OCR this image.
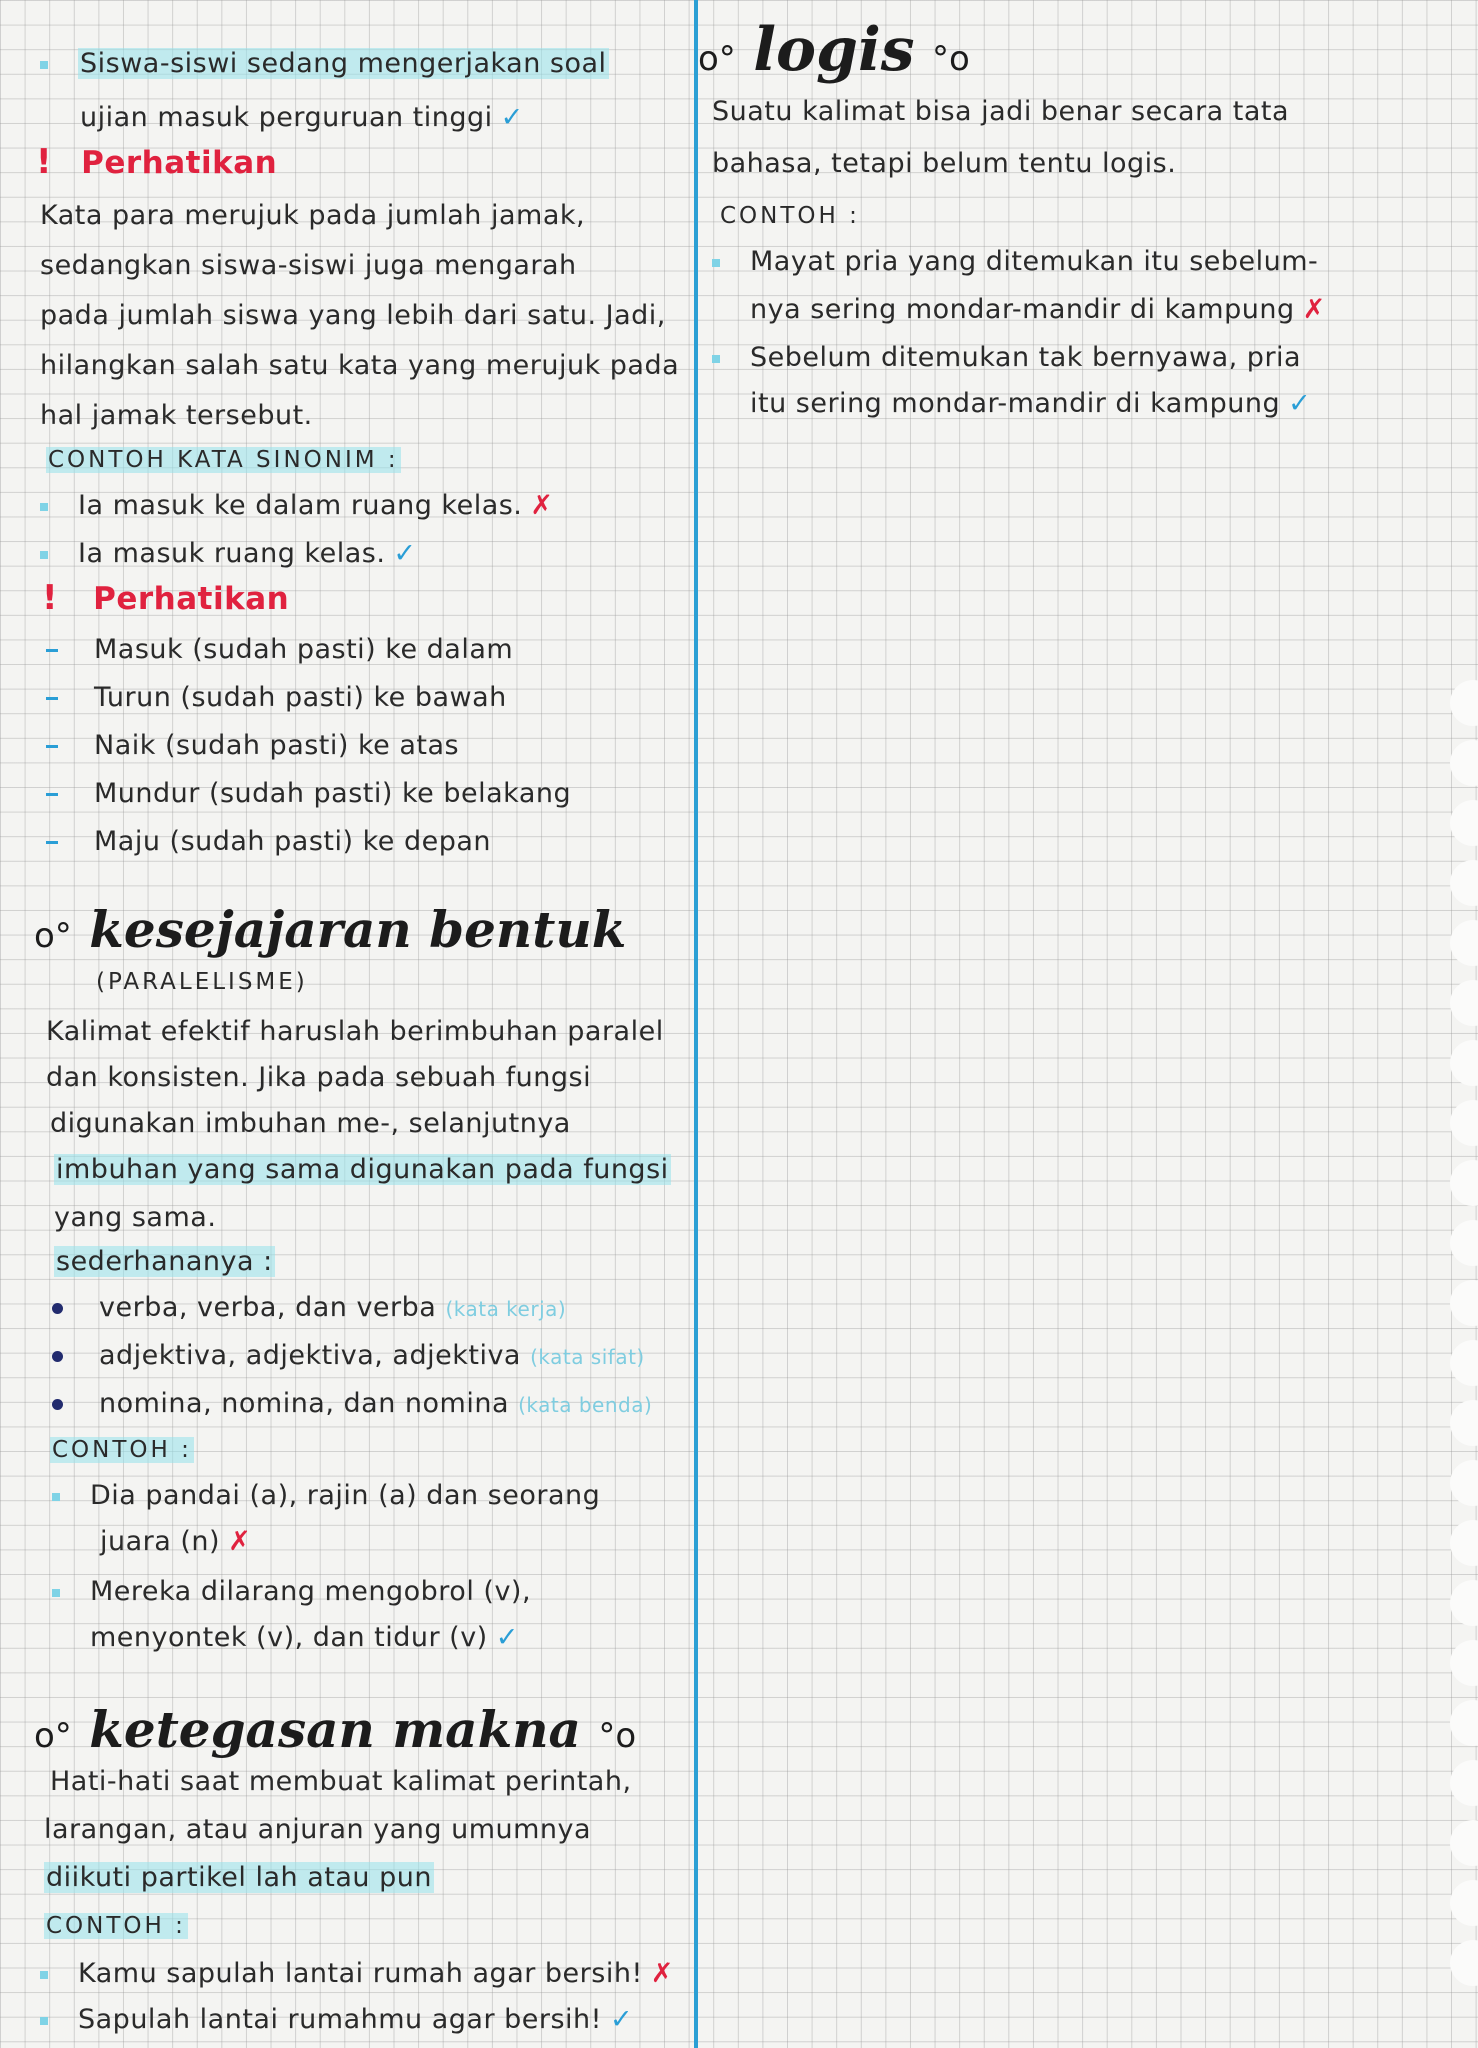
Siswa-siswi sedang mengerjakan soal
ujian masuk perguruan tinggi ✓
! Perhatikan
Kata para merujuk pada jumlah jamak,
sedangkan siswa-siswi juga mengarah
pada jumlah siswa yang lebih dari satu. Jadi,
hilangkan salah satu kata yang merujuk pada
hal jamak tersebut.
CONTOH KATA SINONIM :
Ia masuk ke dalam ruang kelas. ✗
Ia masuk ruang kelas. ✓
! Perhatikan
Masuk (sudah pasti) ke dalam
Turun (sudah pasti) ke bawah
Naik (sudah pasti) ke atas
Mundur (sudah pasti) ke belakang
Maju (sudah pasti) ke depan
o° kesejajaran bentuk
(PARALELISME)
Kalimat efektif haruslah berimbuhan paralel
dan konsisten. Jika pada sebuah fungsi
digunakan imbuhan me-, selanjutnya
imbuhan yang sama digunakan pada fungsi
yang sama.
sederhananya :
verba, verba, dan verba (kata kerja)
adjektiva, adjektiva, adjektiva (kata sifat)
nomina, nomina, dan nomina (kata benda)
CONTOH :
Dia pandai (a), rajin (a) dan seorang
juara (n) ✗
Mereka dilarang mengobrol (v),
menyontek (v), dan tidur (v) ✓
o° ketegasan makna °o
Hati-hati saat membuat kalimat perintah,
larangan, atau anjuran yang umumnya
diikuti partikel lah atau pun
CONTOH :
Kamu sapulah lantai rumah agar bersih! ✗
Sapulah lantai rumahmu agar bersih! ✓
o° logis °o
Suatu kalimat bisa jadi benar secara tata
bahasa, tetapi belum tentu logis.
CONTOH :
Mayat pria yang ditemukan itu sebelum-
nya sering mondar-mandir di kampung ✗
Sebelum ditemukan tak bernyawa, pria
itu sering mondar-mandir di kampung ✓
